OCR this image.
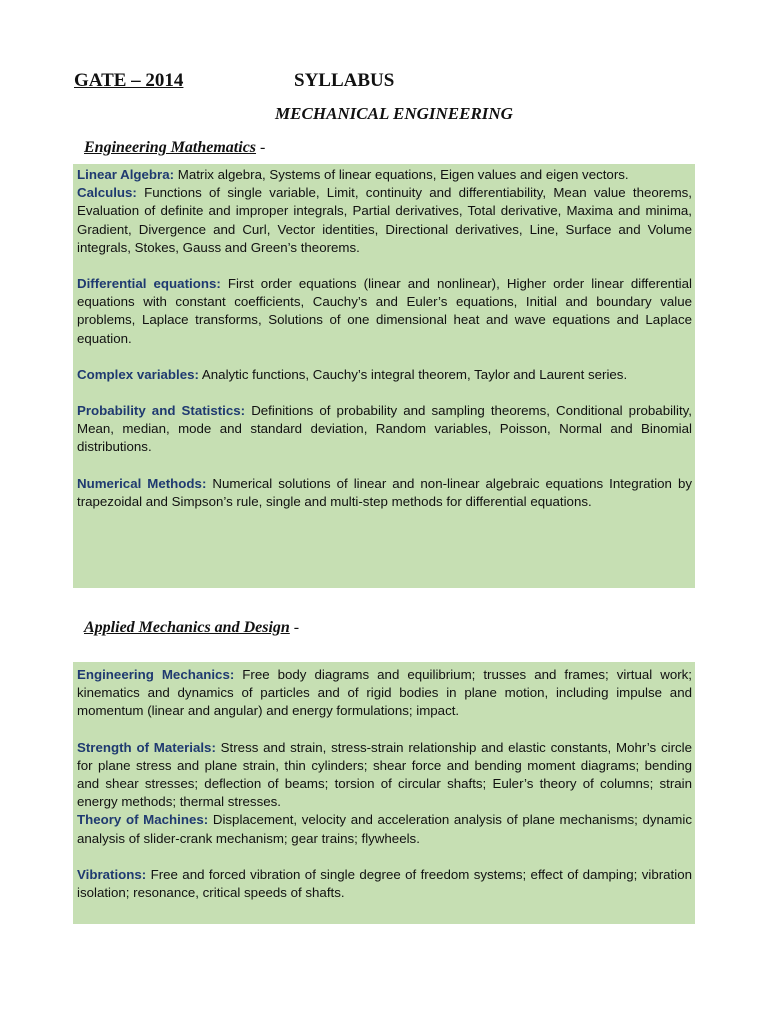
GATE – 2014	SYLLABUS
MECHANICAL ENGINEERING
Engineering Mathematics -

Linear Algebra: Matrix algebra, Systems of linear equations, Eigen values and eigen vectors.

Calculus: Functions of single variable, Limit, continuity and differentiability, Mean value theorems, Evaluation of definite and improper integrals, Partial derivatives, Total derivative, Maxima and minima, Gradient, Divergence and Curl, Vector identities, Directional derivatives, Line, Surface and Volume integrals, Stokes, Gauss and Green’s theorems.

Differential equations: First order equations (linear and nonlinear), Higher order linear differential equations with constant coefficients, Cauchy’s and Euler’s equations, Initial and boundary value problems, Laplace transforms, Solutions of one dimensional heat and wave equations and Laplace equation.

Complex variables: Analytic functions, Cauchy’s integral theorem, Taylor and Laurent series.

Probability and Statistics: Definitions of probability and sampling theorems, Conditional probability, Mean, median, mode and standard deviation, Random variables, Poisson, Normal and Binomial distributions.

Numerical Methods: Numerical solutions of linear and non-linear algebraic equations Integration by trapezoidal and Simpson’s rule, single and multi-step methods for differential equations.

Applied Mechanics and Design -

Engineering Mechanics: Free body diagrams and equilibrium; trusses and frames; virtual work; kinematics and dynamics of particles and of rigid bodies in plane motion, including impulse and momentum (linear and angular) and energy formulations; impact.

Strength of Materials: Stress and strain, stress-strain relationship and elastic constants, Mohr’s circle for plane stress and plane strain, thin cylinders; shear force and bending moment diagrams; bending and shear stresses; deflection of beams; torsion of circular shafts; Euler’s theory of columns; strain energy methods; thermal stresses.

Theory of Machines: Displacement, velocity and acceleration analysis of plane mechanisms; dynamic analysis of slider-crank mechanism; gear trains; flywheels.

Vibrations: Free and forced vibration of single degree of freedom systems; effect of damping; vibration isolation; resonance, critical speeds of shafts.
